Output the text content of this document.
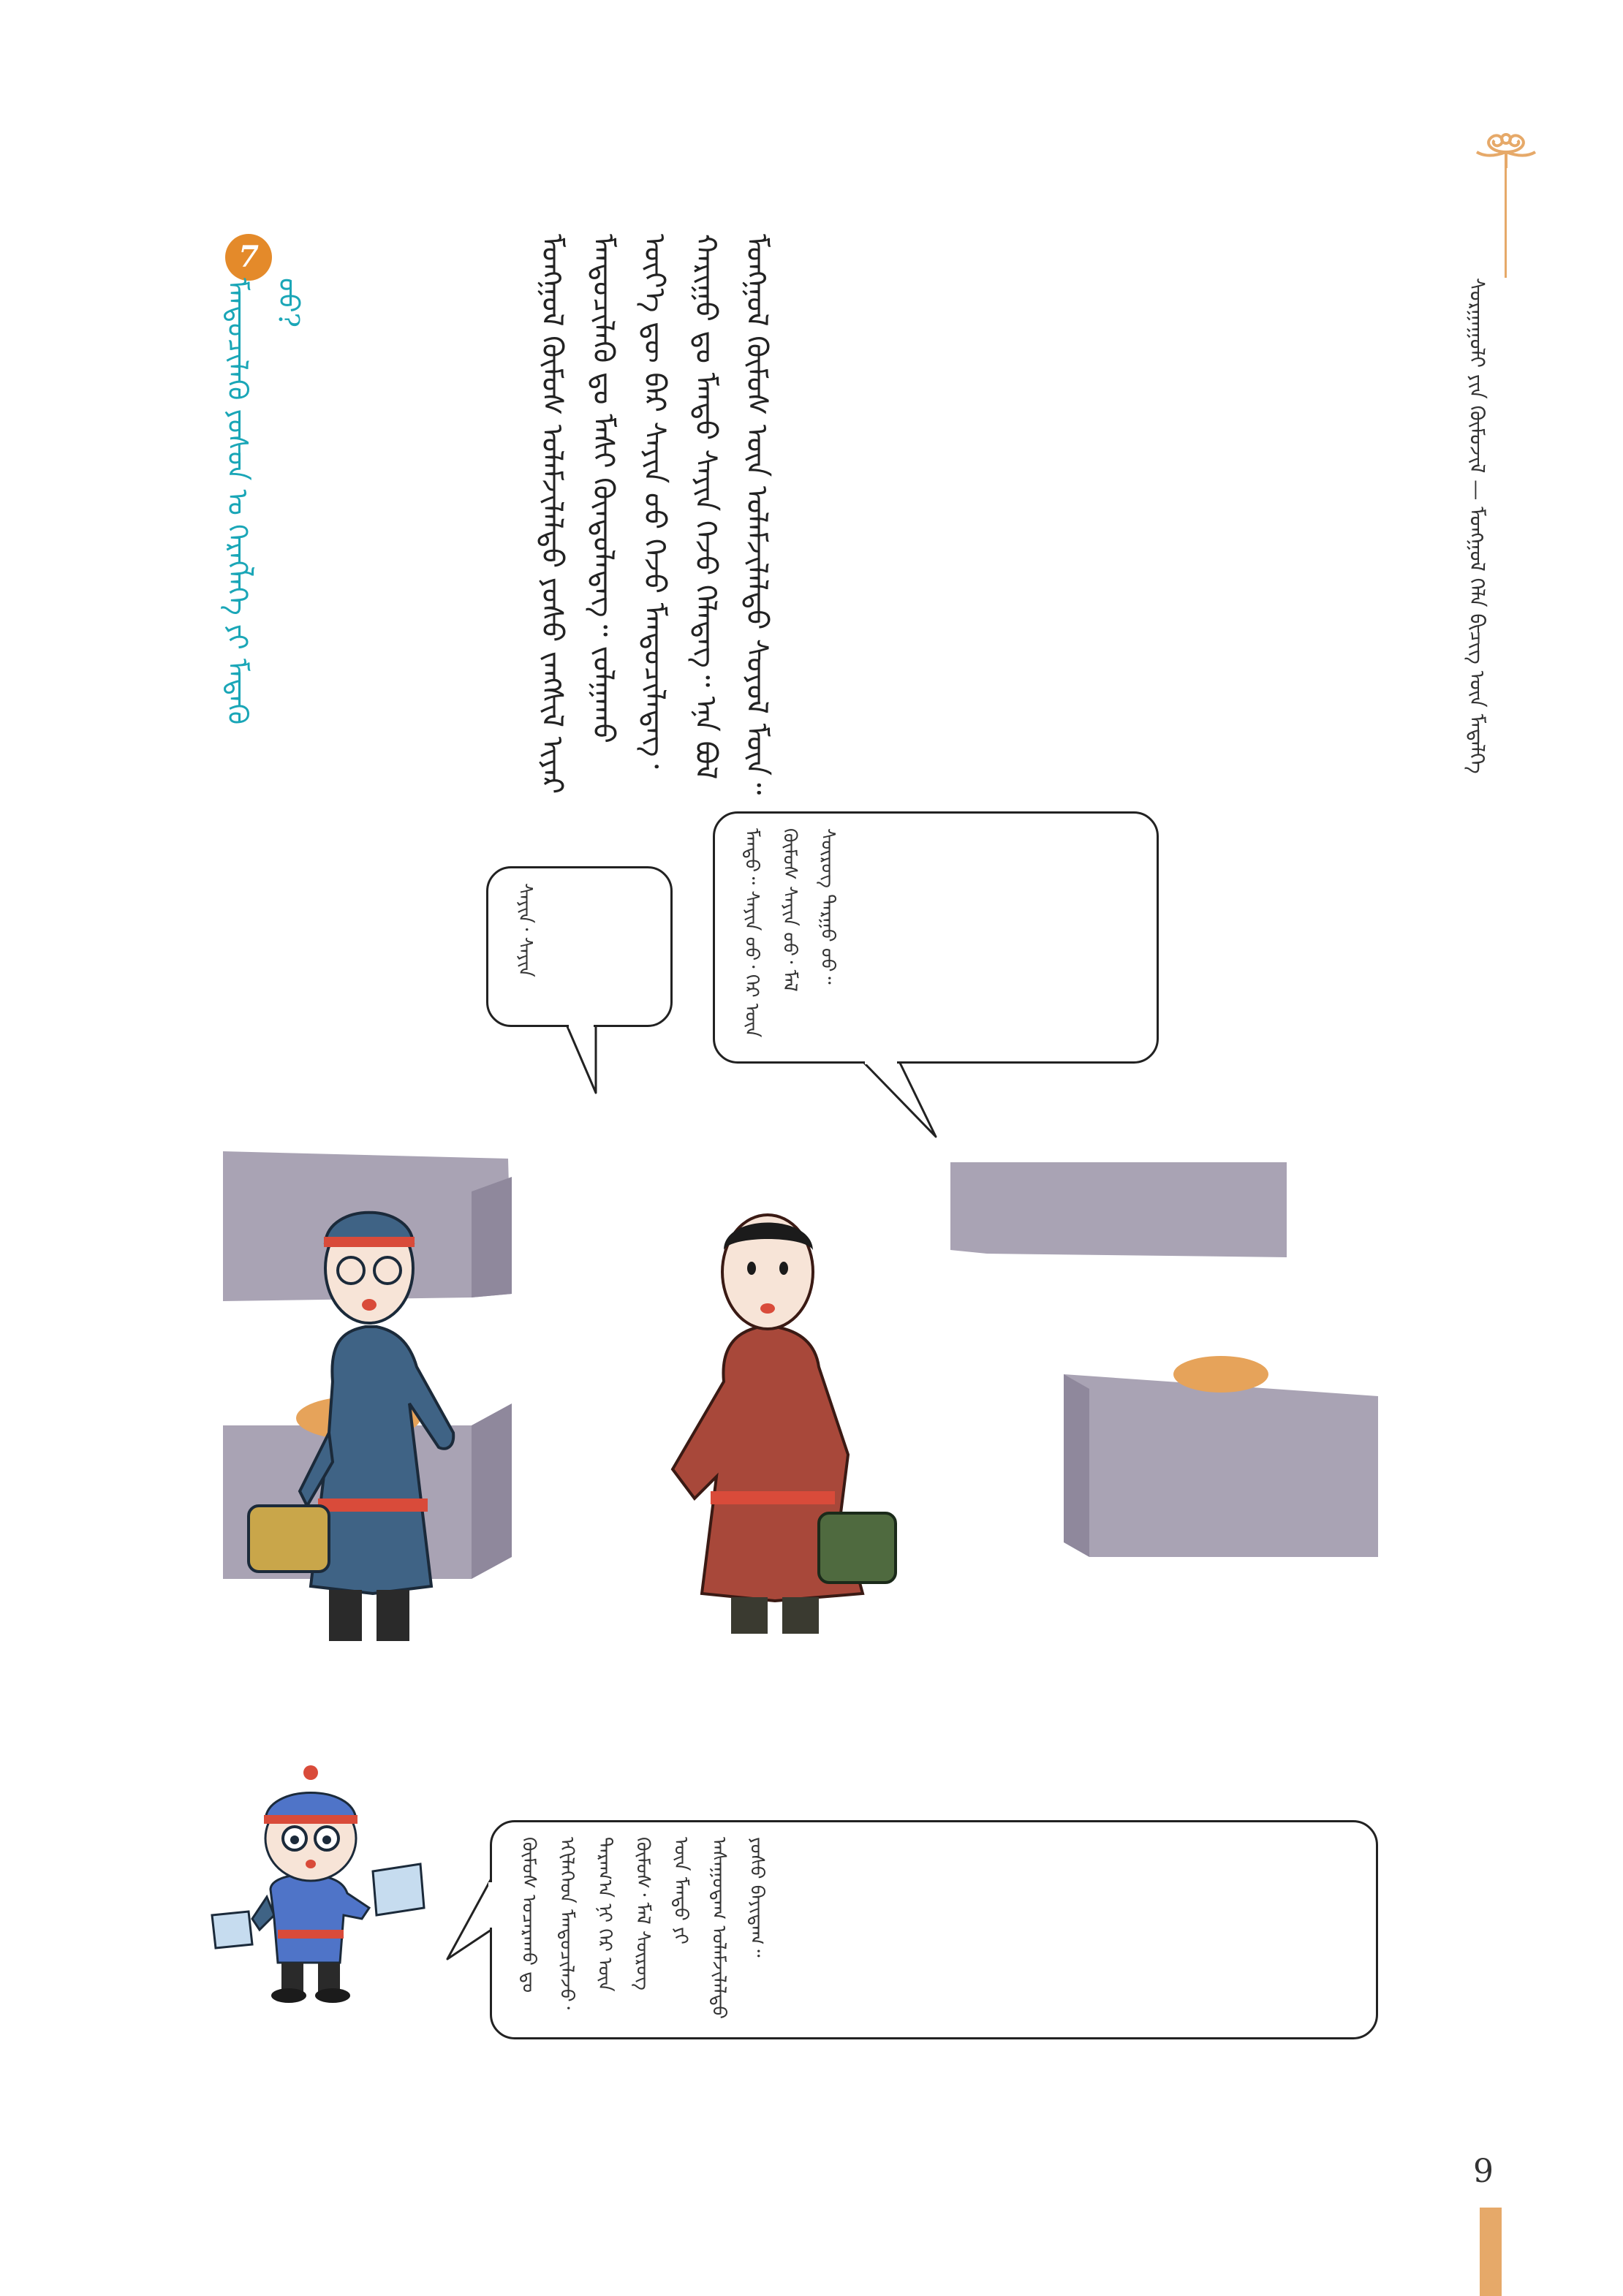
ᠰᠤᠷᠭᠠᠭᠤᠯᠢ ᠶᠢᠨ ᠬᠦᠮᠦᠵᠢᠯ — ᠮᠣᠩᠭᠣᠯ ᠬᠡᠯᠡ ᠪᠢᠴᠢᠭ ᠦᠨ ᠮᠡᠳᠡᠯᠭᠡ
ᠮᠣᠩᠭᠣᠯ ᠬᠦᠮᠦᠰ ᠤᠯᠠᠮᠵᠢᠯᠠᠯᠲᠤ ᠶᠣᠰᠤ ᠵᠠᠩᠱᠢᠯ ᠢᠶᠠᠷ ᠮᠡᠨᠳᠦᠴᠢᠯᠡᠬᠦ ᠳᠤ ᠮᠠᠰᠢ ᠬᠦᠨᠳᠦᠯᠡᠳᠡᠭ᠃ ᠵᠣᠯᠭᠠᠬᠤ ᠦᠶ᠎ᠡ ᠳᠦ ᠪᠡᠷ ᠰᠠᠶᠢᠨ ᠤᠤ ᠭᠡᠵᠦ ᠮᠡᠨᠳᠦᠴᠢᠯᠡᠳᠡᠭ᠂ ᠬᠠᠷᠢᠭᠤ ᠳᠤ ᠮᠡᠨᠳᠦ ᠰᠠᠶᠢᠨ ᠭᠡᠵᠦ ᠬᠡᠯᠡᠳᠡᠭ᠃ ᠡᠨᠡ ᠪᠣᠯ ᠮᠣᠩᠭᠣᠯ ᠬᠦᠮᠦᠰ ᠦᠨ ᠤᠯᠠᠮᠵᠢᠯᠠᠯᠲᠤ ᠰᠣᠶᠤᠯ ᠮᠥᠨ᠃
7
ᠮᠡᠨᠳᠦᠴᠢᠯᠡᠬᠦ ᠶᠣᠰᠤᠨ ᠤ ᠬᠡᠷᠡᠭᠯᠡᠭᠡ ᠶᠢ ᠮᠡᠳᠡᠬᠦ ᠦᠦ?
ᠮᠡᠨᠳᠦ᠃ ᠰᠠᠶᠢᠨ ᠤᠤ᠂ ᠭᠡᠷ ᠦᠨ ᠬᠦᠮᠦᠰ ᠰᠠᠶᠢᠨ ᠤᠤ᠂ ᠮᠠᠯ ᠰᠦᠷᠦᠭ ᠲᠠᠷᠭᠤ ᠤᠤ᠃
ᠰᠠᠶᠢᠨ᠂ ᠰᠠᠶᠢᠨ
ᠬᠦᠮᠦᠰ ᠤᠴᠠᠷᠠᠬᠤ ᠳᠤ ᠡᠬᠢᠯᠡᠭᠡᠳ ᠮᠡᠨᠳᠦᠴᠢᠯᠡᠵᠦ᠂ ᠳᠠᠷᠠᠭ᠎ᠠ ᠨᠢ ᠭᠡᠷ ᠦᠨ ᠬᠦᠮᠦᠰ᠂ ᠮᠠᠯ ᠰᠦᠷᠦᠭ ᠦᠨ ᠮᠡᠨᠳᠦ ᠶᠢ ᠠᠰᠠᠭᠤᠳᠠᠭ ᠤᠯᠠᠮᠵᠢᠯᠠᠯᠲᠤ ᠶᠣᠰᠤ ᠪᠠᠶᠢᠳᠠᠭ᠃
9
